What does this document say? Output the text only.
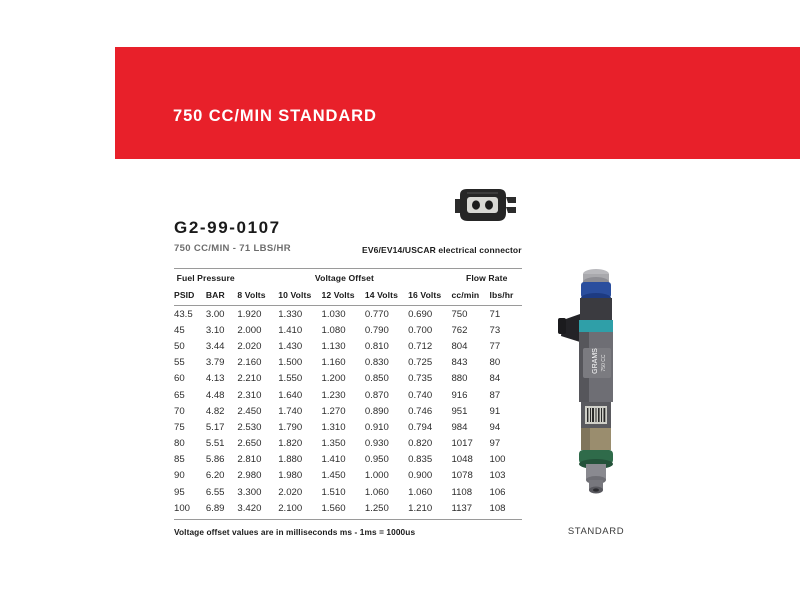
750 CC/MIN STANDARD
G2-99-0107
750 CC/MIN - 71 LBS/HR	EV6/EV14/USCAR electrical connector
Fuel Pressure		Voltage Offset					Flow Rate	
PSID	BAR	8 Volts	10 Volts	12 Volts	14 Volts	16 Volts	cc/min	lbs/hr
43.5	3.00	1.920	1.330	1.030	0.770	0.690	750	71
45	3.10	2.000	1.410	1.080	0.790	0.700	762	73
50	3.44	2.020	1.430	1.130	0.810	0.712	804	77
55	3.79	2.160	1.500	1.160	0.830	0.725	843	80
60	4.13	2.210	1.550	1.200	0.850	0.735	880	84
65	4.48	2.310	1.640	1.230	0.870	0.740	916	87
70	4.82	2.450	1.740	1.270	0.890	0.746	951	91
75	5.17	2.530	1.790	1.310	0.910	0.794	984	94
80	5.51	2.650	1.820	1.350	0.930	0.820	1017	97
85	5.86	2.810	1.880	1.410	0.950	0.835	1048	100
90	6.20	2.980	1.980	1.450	1.000	0.900	1078	103
95	6.55	3.300	2.020	1.510	1.060	1.060	1108	106
100	6.89	3.420	2.100	1.560	1.250	1.210	1137	108
Voltage offset values are in milliseconds ms - 1ms = 1000us
GRAMS 750 CC
STANDARD
